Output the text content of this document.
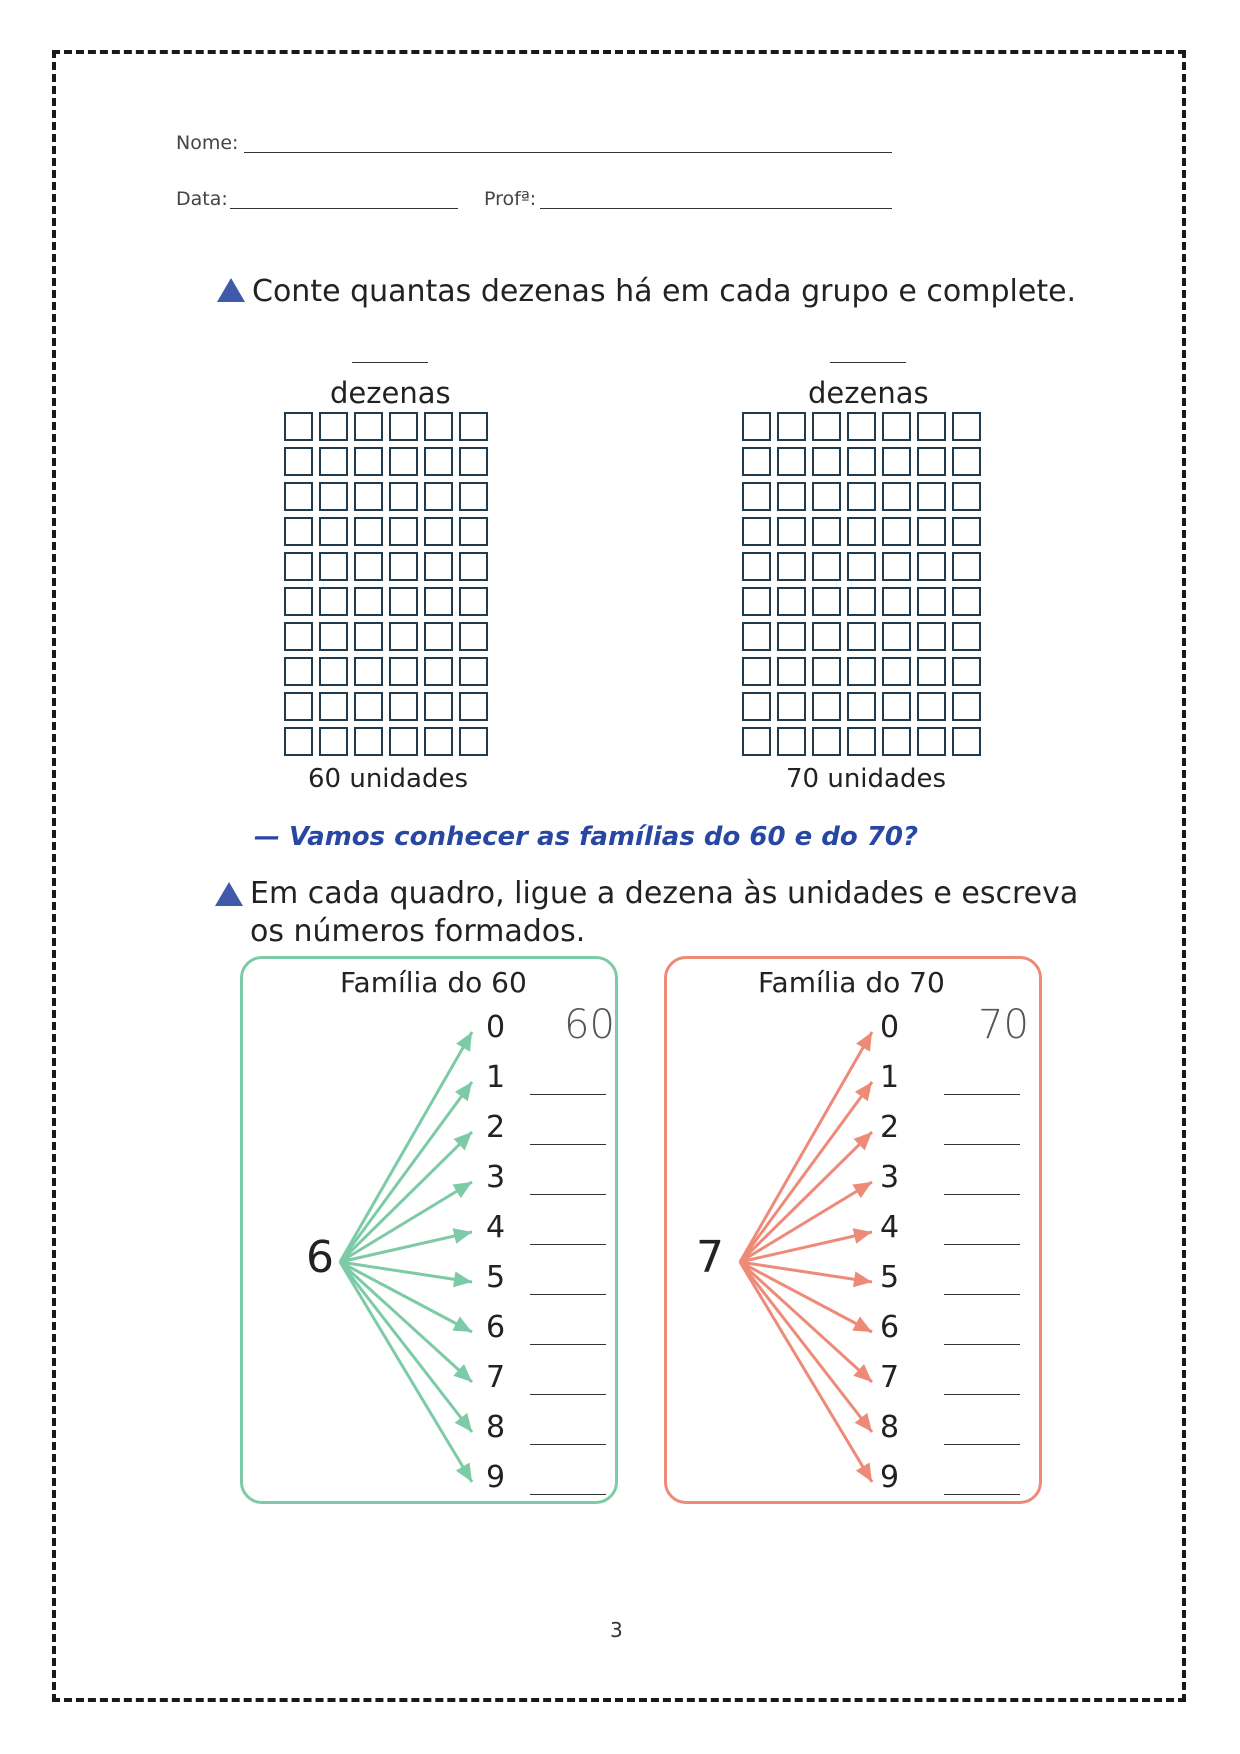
Nome:
Data:	Profª:
Conte quantas dezenas há em cada grupo e complete.
dezenas
60 unidades
dezenas
70 unidades
— Vamos conhecer as famílias do 60 e do 70?
Em cada quadro, ligue a dezena às unidades e escreva
os números formados.
Família do 60	Família do 70
6	7
60	70
0
1
2
3
4
5
6
7
8
9
0
1
2
3
4
5
6
7
8
9
3
